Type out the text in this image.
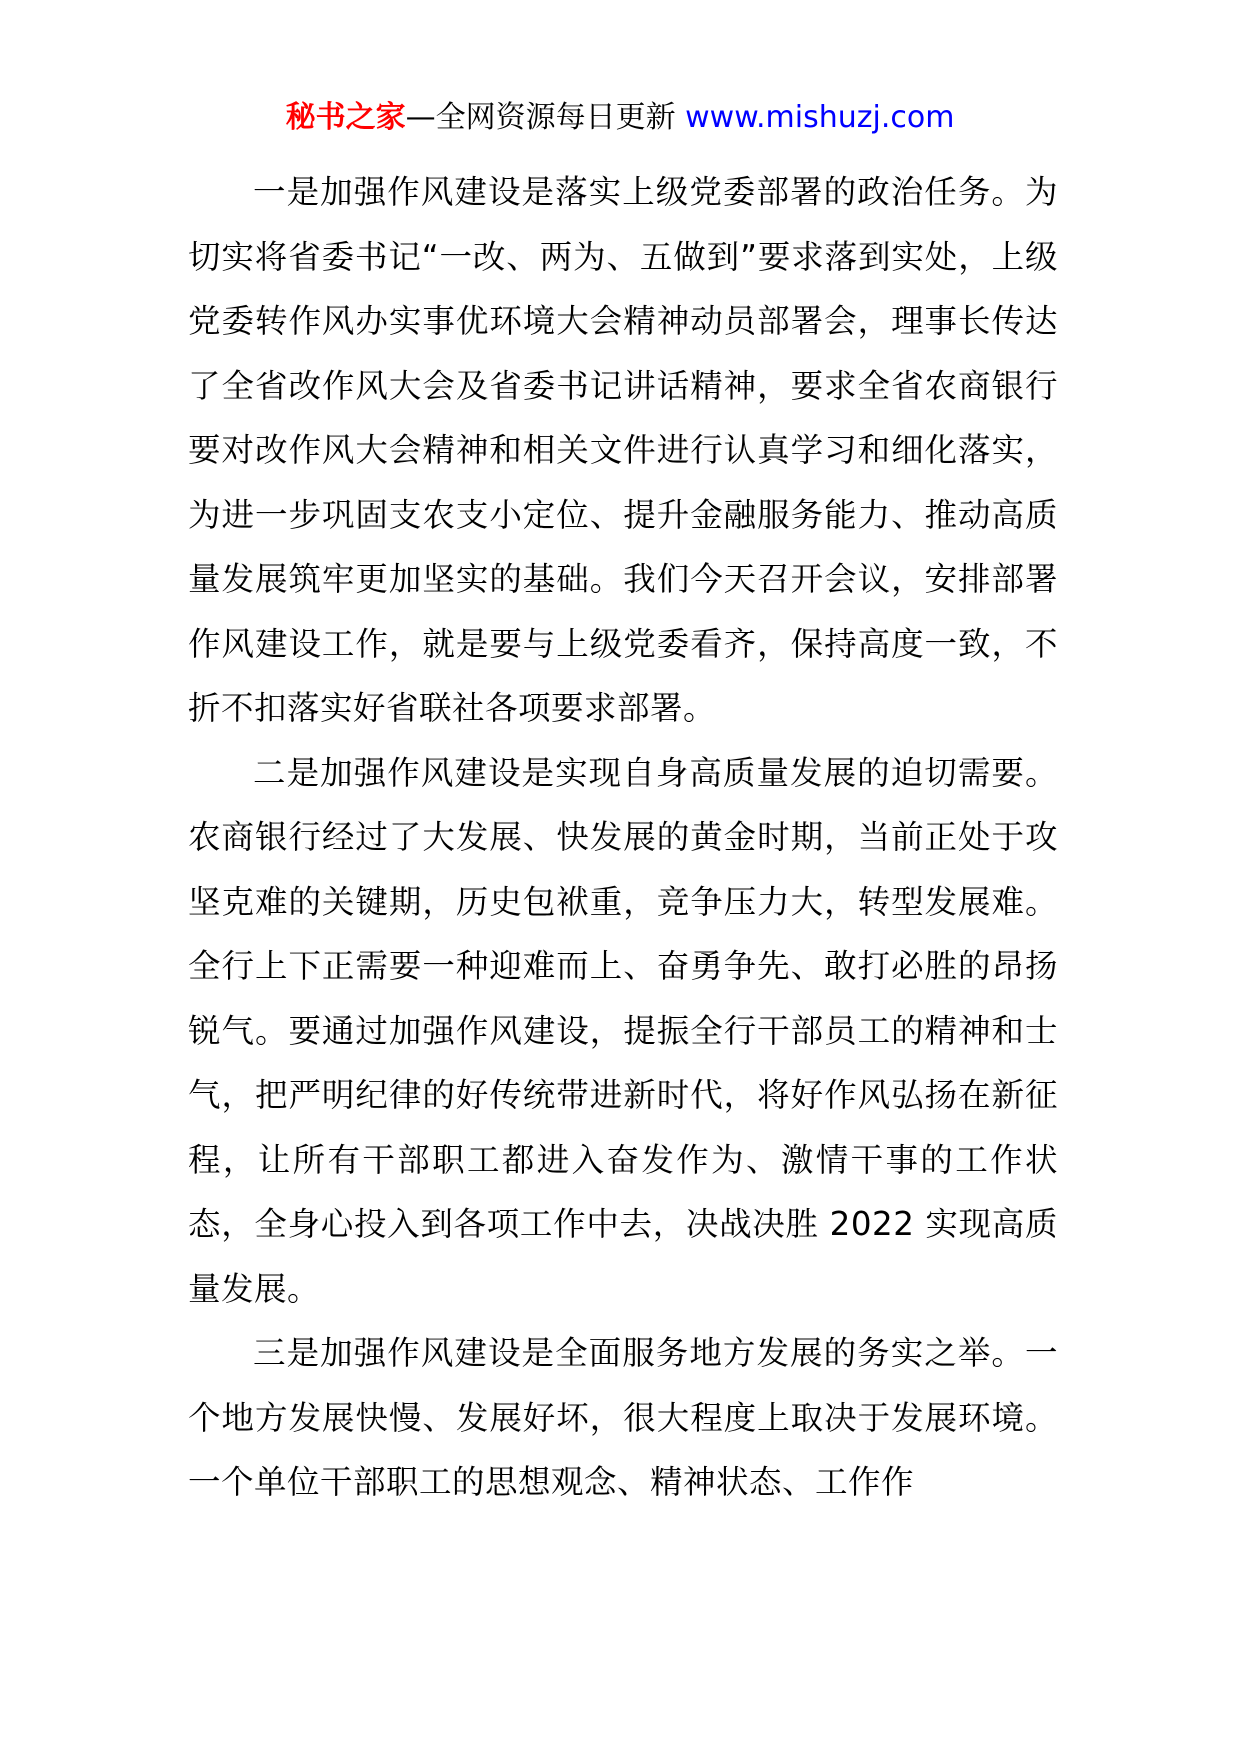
秘书之家—全网资源每日更新 www.mishuzj.com

一是加强作风建设是落实上级党委部署的政治任务。为切实将省委书记“一改、两为、五做到”要求落到实处，上级党委转作风办实事优环境大会精神动员部署会，理事长传达了全省改作风大会及省委书记讲话精神，要求全省农商银行要对改作风大会精神和相关文件进行认真学习和细化落实，为进一步巩固支农支小定位、提升金融服务能力、推动高质量发展筑牢更加坚实的基础。我们今天召开会议，安排部署作风建设工作，就是要与上级党委看齐，保持高度一致，不折不扣落实好省联社各项要求部署。

二是加强作风建设是实现自身高质量发展的迫切需要。农商银行经过了大发展、快发展的黄金时期，当前正处于攻坚克难的关键期，历史包袱重，竞争压力大，转型发展难。全行上下正需要一种迎难而上、奋勇争先、敢打必胜的昂扬锐气。要通过加强作风建设，提振全行干部员工的精神和士气，把严明纪律的好传统带进新时代，将好作风弘扬在新征程，让所有干部职工都进入奋发作为、激情干事的工作状态，全身心投入到各项工作中去，决战决胜 2022 实现高质量发展。

三是加强作风建设是全面服务地方发展的务实之举。一个地方发展快慢、发展好坏，很大程度上取决于发展环境。一个单位干部职工的思想观念、精神状态、工作作
